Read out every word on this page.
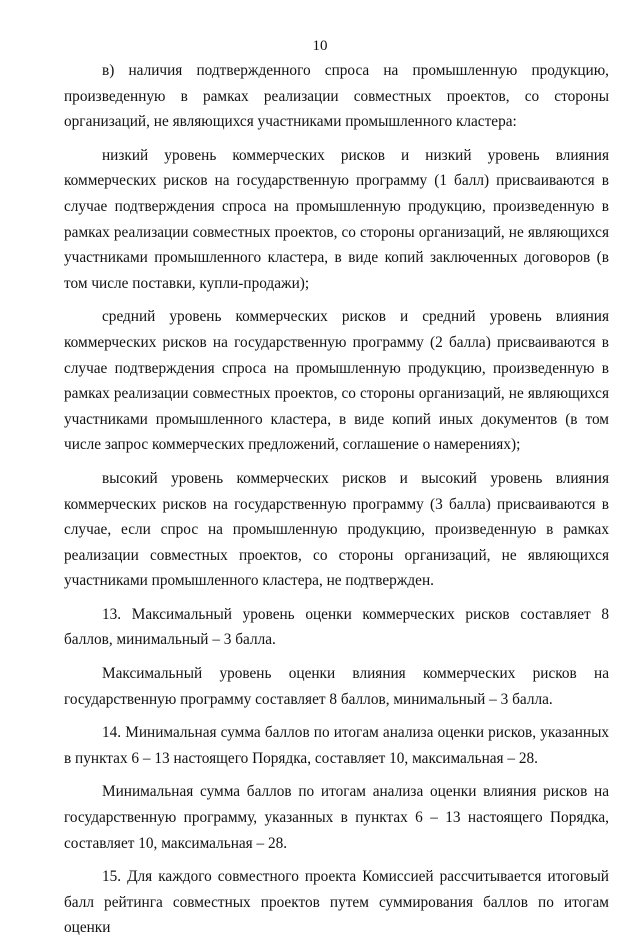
10

в) наличия подтвержденного спроса на промышленную продукцию, произведенную в рамках реализации совместных проектов, со стороны организаций, не являющихся участниками промышленного кластера:

низкий уровень коммерческих рисков и низкий уровень влияния коммерческих рисков на государственную программу (1 балл) присваиваются в случае подтверждения спроса на промышленную продукцию, произведенную в рамках реализации совместных проектов, со стороны организаций, не являющихся участниками промышленного кластера, в виде копий заключенных договоров (в том числе поставки, купли-продажи);

средний уровень коммерческих рисков и средний уровень влияния коммерческих рисков на государственную программу (2 балла) присваиваются в случае подтверждения спроса на промышленную продукцию, произведенную в рамках реализации совместных проектов, со стороны организаций, не являющихся участниками промышленного кластера, в виде копий иных документов (в том числе запрос коммерческих предложений, соглашение о намерениях);

высокий уровень коммерческих рисков и высокий уровень влияния коммерческих рисков на государственную программу (3 балла) присваиваются в случае, если спрос на промышленную продукцию, произведенную в рамках реализации совместных проектов, со стороны организаций, не являющихся участниками промышленного кластера, не подтвержден.

13. Максимальный уровень оценки коммерческих рисков составляет 8 баллов, минимальный – 3 балла.

Максимальный уровень оценки влияния коммерческих рисков на государственную программу составляет 8 баллов, минимальный – 3 балла.

14. Минимальная сумма баллов по итогам анализа оценки рисков, указанных в пунктах 6 – 13 настоящего Порядка, составляет 10, максимальная – 28.

Минимальная сумма баллов по итогам анализа оценки влияния рисков на государственную программу, указанных в пунктах 6 – 13 настоящего Порядка, составляет 10, максимальная – 28.

15. Для каждого совместного проекта Комиссией рассчитывается итоговый балл рейтинга совместных проектов путем суммирования баллов по итогам оценки
